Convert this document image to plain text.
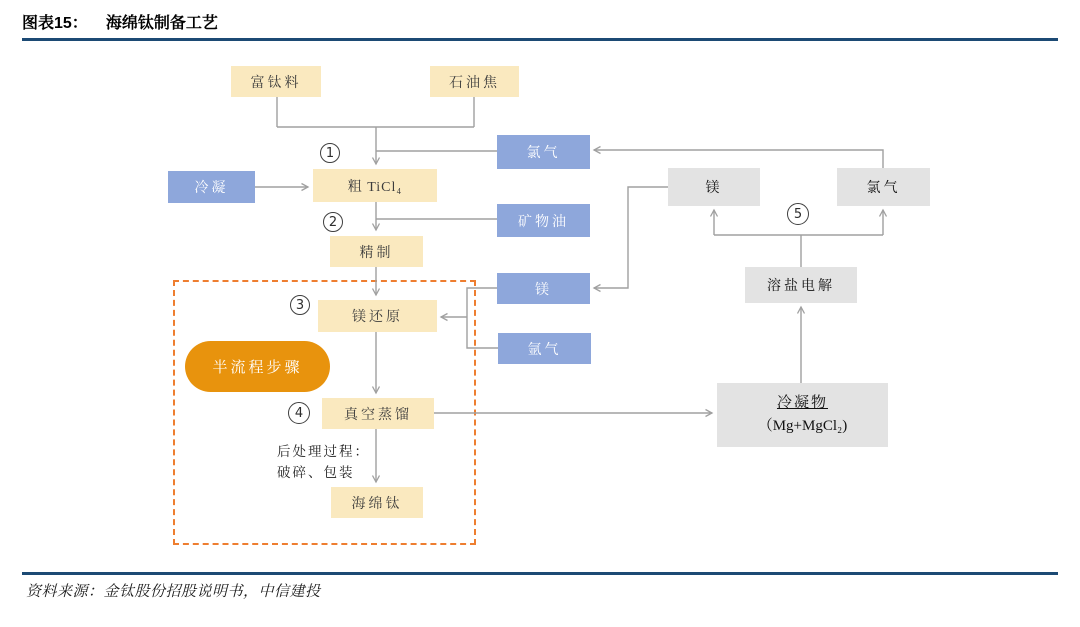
图表15： 海绵钛制备工艺
富钛料	石油焦
冷凝	粗 TiCl₄
氯气
矿物油
精制
镁还原
镁
氩气
真空蒸馏
海绵钛
镁	氯气
溶盐电解
冷凝物
（Mg+MgCl₂)
1
2
3
4
5
半流程步骤
后处理过程：
破碎、包装
资料来源：金钛股份招股说明书，中信建投
